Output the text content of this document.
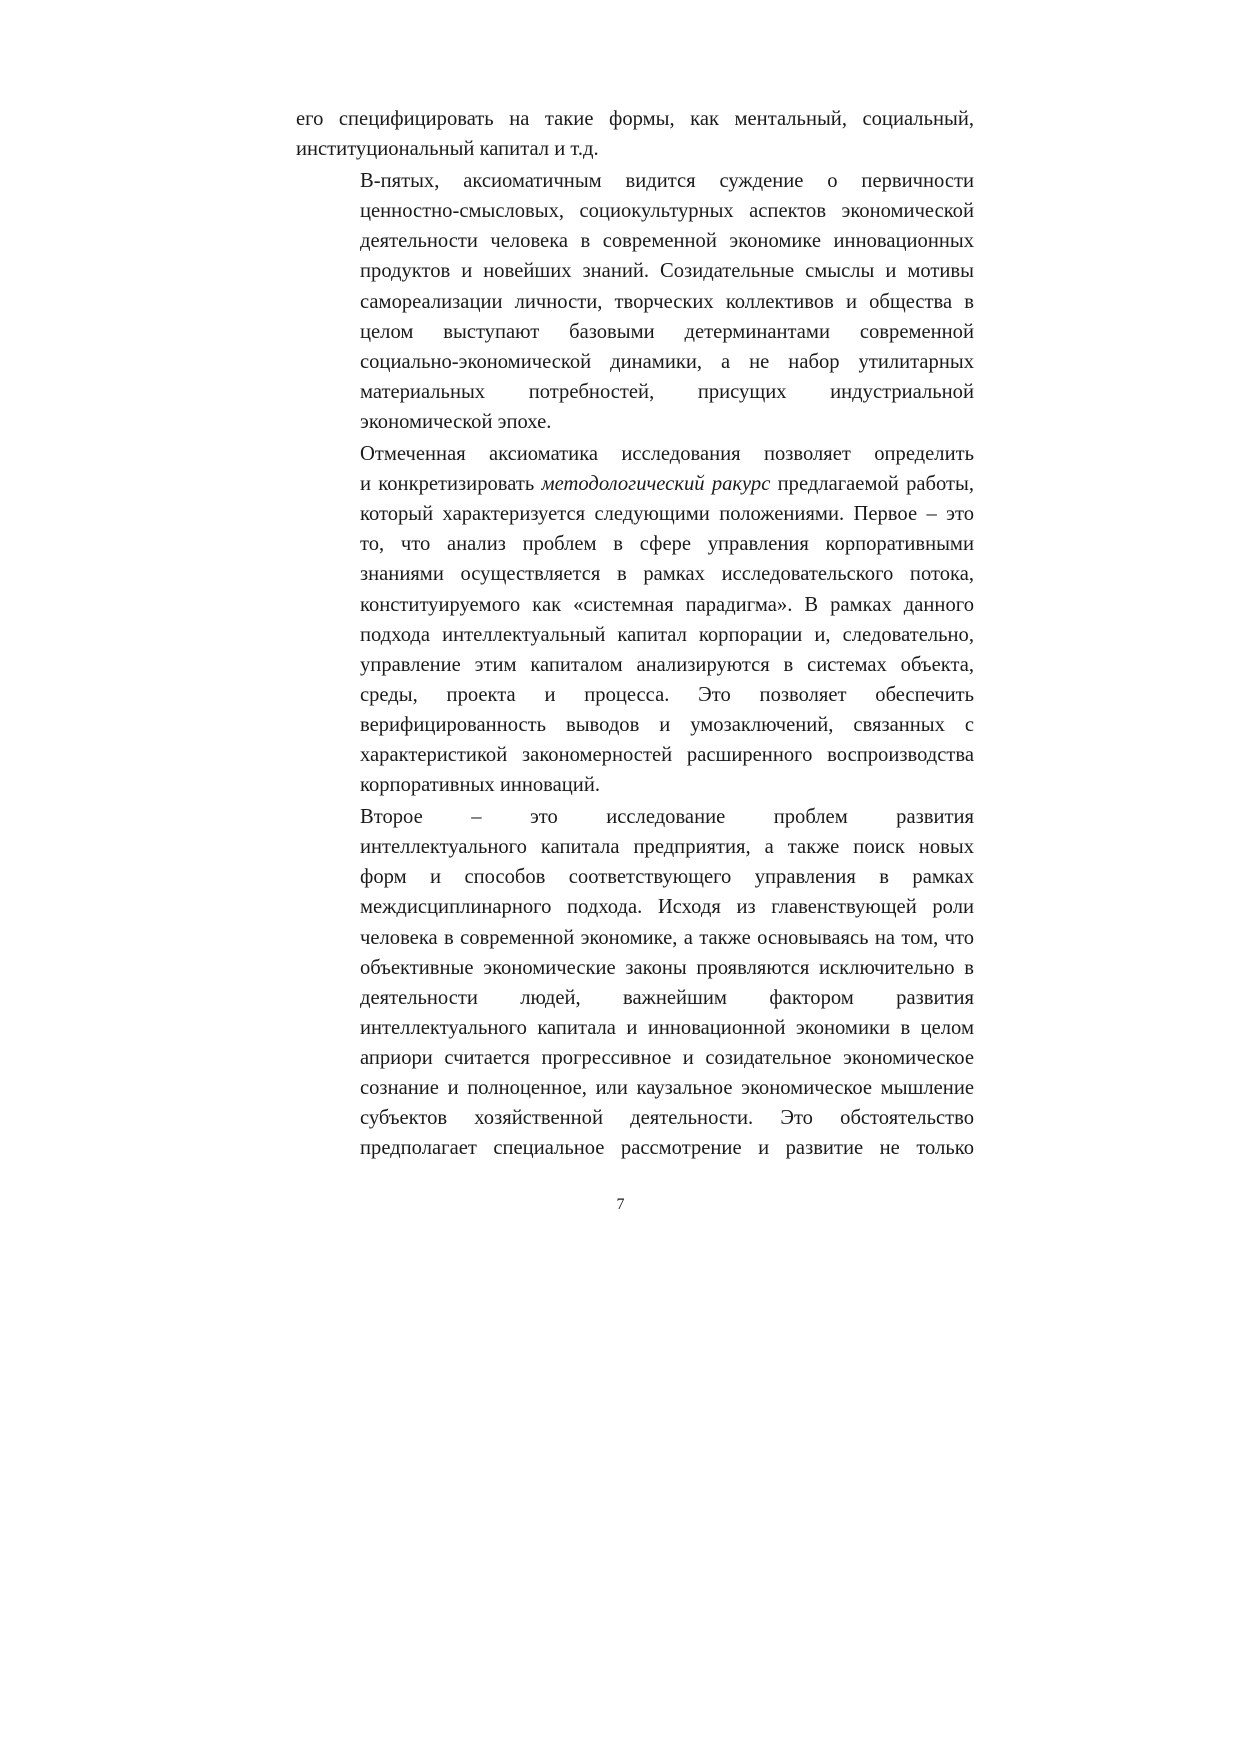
его специфицировать на такие формы, как ментальный, социальный,
институциональный капитал и т.д.
В-пятых, аксиоматичным видится суждение о первичности
ценностно-смысловых, социокультурных аспектов экономической
деятельности человека в современной экономике инновационных
продуктов и новейших знаний. Созидательные смыслы и мотивы
самореализации личности, творческих коллективов и общества в
целом выступают базовыми детерминантами современной
социально-экономической динамики, а не набор утилитарных
материальных потребностей, присущих индустриальной
экономической эпохе.
Отмеченная аксиоматика исследования позволяет определить
и конкретизировать методологический ракурс предлагаемой работы,
который характеризуется следующими положениями. Первое – это
то, что анализ проблем в сфере управления корпоративными
знаниями осуществляется в рамках исследовательского потока,
конституируемого как «системная парадигма». В рамках данного
подхода интеллектуальный капитал корпорации и, следовательно,
управление этим капиталом анализируются в системах объекта,
среды, проекта и процесса. Это позволяет обеспечить
верифицированность выводов и умозаключений, связанных с
характеристикой закономерностей расширенного воспроизводства
корпоративных инноваций.
Второе – это исследование проблем развития
интеллектуального капитала предприятия, а также поиск новых
форм и способов соответствующего управления в рамках
междисциплинарного подхода. Исходя из главенствующей роли
человека в современной экономике, а также основываясь на том, что
объективные экономические законы проявляются исключительно в
деятельности людей, важнейшим фактором развития
интеллектуального капитала и инновационной экономики в целом
априори считается прогрессивное и созидательное экономическое
сознание и полноценное, или каузальное экономическое мышление
субъектов хозяйственной деятельности. Это обстоятельство
предполагает специальное рассмотрение и развитие не только
7
